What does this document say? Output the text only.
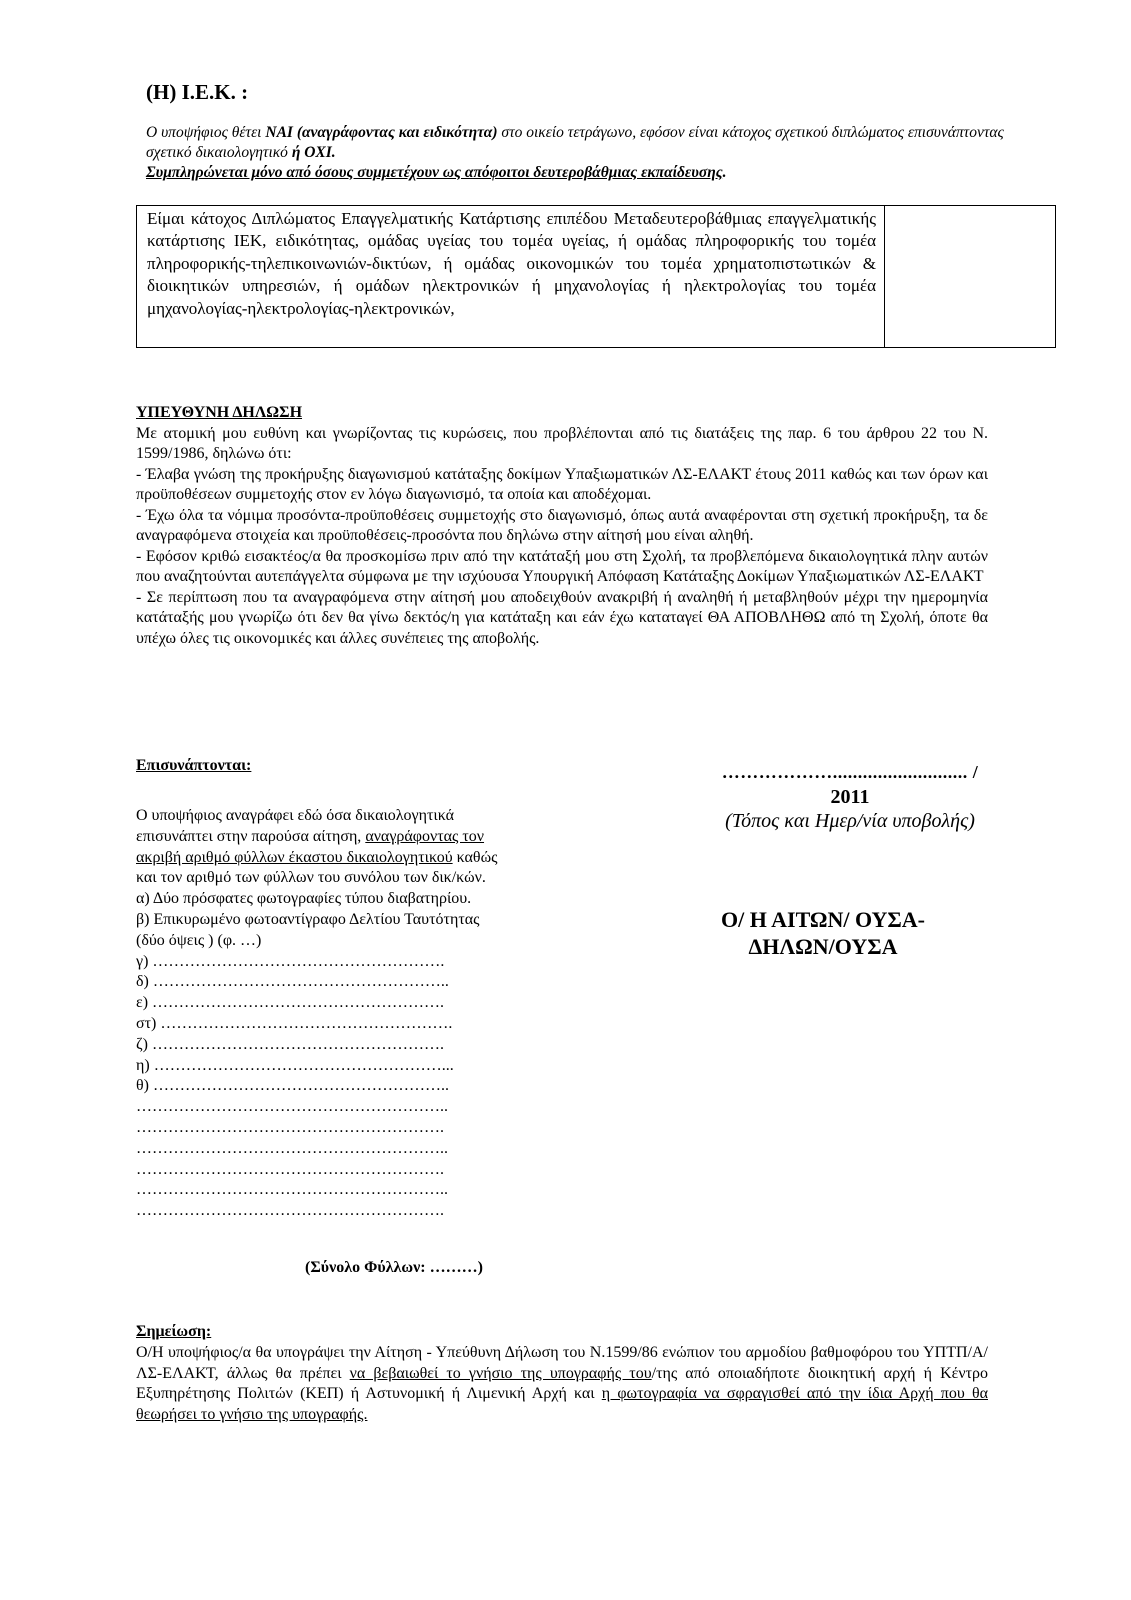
(Η) Ι.Ε.Κ. :
Ο υποψήφιος θέτει ΝΑΙ (αναγράφοντας και ειδικότητα) στο οικείο τετράγωνο, εφόσον είναι κάτοχος σχετικού διπλώματος επισυνάπτοντας σχετικό δικαιολογητικό ή ΟΧΙ.
Συμπληρώνεται μόνο από όσους συμμετέχουν ως απόφοιτοι δευτεροβάθμιας εκπαίδευσης.
Είμαι κάτοχος Διπλώματος Επαγγελματικής Κατάρτισης επιπέδου Μεταδευτεροβάθμιας επαγγελματικής κατάρτισης ΙΕΚ, ειδικότητας, ομάδας υγείας του τομέα υγείας, ή ομάδας πληροφορικής του τομέα πληροφορικής-τηλεπικοινωνιών-δικτύων, ή ομάδας οικονομικών του τομέα χρηματοπιστωτικών & διοικητικών υπηρεσιών, ή ομάδων ηλεκτρονικών ή μηχανολογίας ή ηλεκτρολογίας του τομέα μηχανολογίας-ηλεκτρολογίας-ηλεκτρονικών,

ΥΠΕΥΘΥΝΗ ΔΗΛΩΣΗ

Με ατομική μου ευθύνη και γνωρίζοντας τις κυρώσεις, που προβλέπονται από τις διατάξεις της παρ. 6 του άρθρου 22 του Ν. 1599/1986, δηλώνω ότι:

- Έλαβα γνώση της προκήρυξης διαγωνισμού κατάταξης δοκίμων Υπαξιωματικών ΛΣ-ΕΛΑΚΤ έτους 2011 καθώς και των όρων και προϋποθέσεων συμμετοχής στον εν λόγω διαγωνισμό, τα οποία και αποδέχομαι.

- Έχω όλα τα νόμιμα προσόντα-προϋποθέσεις συμμετοχής στο διαγωνισμό, όπως αυτά αναφέρονται στη σχετική προκήρυξη, τα δε αναγραφόμενα στοιχεία και προϋποθέσεις-προσόντα που δηλώνω στην αίτησή μου είναι αληθή.

- Εφόσον κριθώ εισακτέος/α θα προσκομίσω πριν από την κατάταξή μου στη Σχολή, τα προβλεπόμενα δικαιολογητικά πλην αυτών που αναζητούνται αυτεπάγγελτα σύμφωνα με την ισχύουσα Υπουργική Απόφαση Κατάταξης Δοκίμων Υπαξιωματικών ΛΣ-ΕΛΑΚΤ

- Σε περίπτωση που τα αναγραφόμενα στην αίτησή μου αποδειχθούν ανακριβή ή αναληθή ή μεταβληθούν μέχρι την ημερομηνία κατάταξής μου γνωρίζω ότι δεν θα γίνω δεκτός/η για κατάταξη και εάν έχω καταταγεί ΘΑ ΑΠΟΒΛΗΘΩ από τη Σχολή, όποτε θα υπέχω όλες τις οικονομικές και άλλες συνέπειες της αποβολής.

Επισυνάπτονται:
Ο υποψήφιος αναγράφει εδώ όσα δικαιολογητικά
επισυνάπτει στην παρούσα αίτηση, αναγράφοντας τον
ακριβή αριθμό φύλλων έκαστου δικαιολογητικού καθώς
και τον αριθμό των φύλλων του συνόλου των δικ/κών.
α) Δύο πρόσφατες φωτογραφίες τύπου διαβατηρίου.
β) Επικυρωμένο φωτοαντίγραφο Δελτίου Ταυτότητας
(δύο όψεις ) (φ. …)
γ) ……………………………………………….
δ) ………………………………………………..
ε) ……………………………………………….
στ) ……………………………………………….
ζ) ……………………………………………….
η) ………………………………………………...
θ) ………………………………………………..
…………………………………………………..
………………………………………………….
…………………………………………………..
………………………………………………….
…………………………………………………..
………………………………………………….
(Σύνολο Φύλλων: ………)
………………........................... /
2011
(Τόπος και Ημερ/νία υποβολής)
Ο/ Η ΑΙΤΩΝ/ ΟΥΣΑ-
ΔΗΛΩΝ/ΟΥΣΑ
Σημείωση:
Ο/Η υποψήφιος/α θα υπογράψει την Αίτηση - Υπεύθυνη Δήλωση του Ν.1599/86 ενώπιον του αρμοδίου βαθμοφόρου του ΥΠΤΠ/Α/ΛΣ-ΕΛΑΚΤ, άλλως θα πρέπει να βεβαιωθεί το γνήσιο της υπογραφής του/της από οποιαδήποτε διοικητική αρχή ή Κέντρο Εξυπηρέτησης Πολιτών (ΚΕΠ) ή Αστυνομική ή Λιμενική Αρχή και η φωτογραφία να σφραγισθεί από την ίδια Αρχή που θα θεωρήσει το γνήσιο της υπογραφής.
